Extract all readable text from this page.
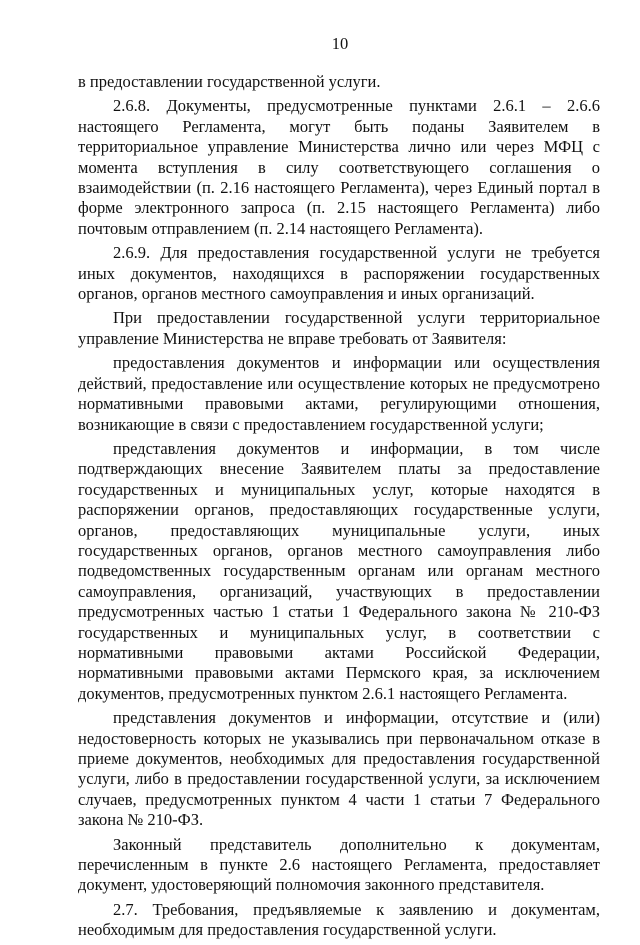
10

в предоставлении государственной услуги.

2.6.8. Документы, предусмотренные пунктами 2.6.1 – 2.6.6 настоящего Регламента, могут быть поданы Заявителем в территориальное управление Министерства лично или через МФЦ с момента вступления в силу соответствующего соглашения о взаимодействии (п. 2.16 настоящего Регламента), через Единый портал в форме электронного запроса (п. 2.15 настоящего Регламента) либо почтовым отправлением (п. 2.14 настоящего Регламента).

2.6.9. Для предоставления государственной услуги не требуется иных документов, находящихся в распоряжении государственных органов, органов местного самоуправления и иных организаций.

При предоставлении государственной услуги территориальное управление Министерства не вправе требовать от Заявителя:

предоставления документов и информации или осуществления действий, предоставление или осуществление которых не предусмотрено нормативными правовыми актами, регулирующими отношения, возникающие в связи с предоставлением государственной услуги;

представления документов и информации, в том числе подтверждающих внесение Заявителем платы за предоставление государственных и муниципальных услуг, которые находятся в распоряжении органов, предоставляющих государственные услуги, органов, предоставляющих муниципальные услуги, иных государственных органов, органов местного самоуправления либо подведомственных государственным органам или органам местного самоуправления, организаций, участвующих в предоставлении предусмотренных частью 1 статьи 1 Федерального закона № 210-ФЗ государственных и муниципальных услуг, в соответствии с нормативными правовыми актами Российской Федерации, нормативными правовыми актами Пермского края, за исключением документов, предусмотренных пунктом 2.6.1 настоящего Регламента.

представления документов и информации, отсутствие и (или) недостоверность которых не указывались при первоначальном отказе в приеме документов, необходимых для предоставления государственной услуги, либо в предоставлении государственной услуги, за исключением случаев, предусмотренных пунктом 4 части 1 статьи 7 Федерального закона № 210-ФЗ.

Законный представитель дополнительно к документам, перечисленным в пункте 2.6 настоящего Регламента, предоставляет документ, удостоверяющий полномочия законного представителя.

2.7. Требования, предъявляемые к заявлению и документам, необходимым для предоставления государственной услуги.
